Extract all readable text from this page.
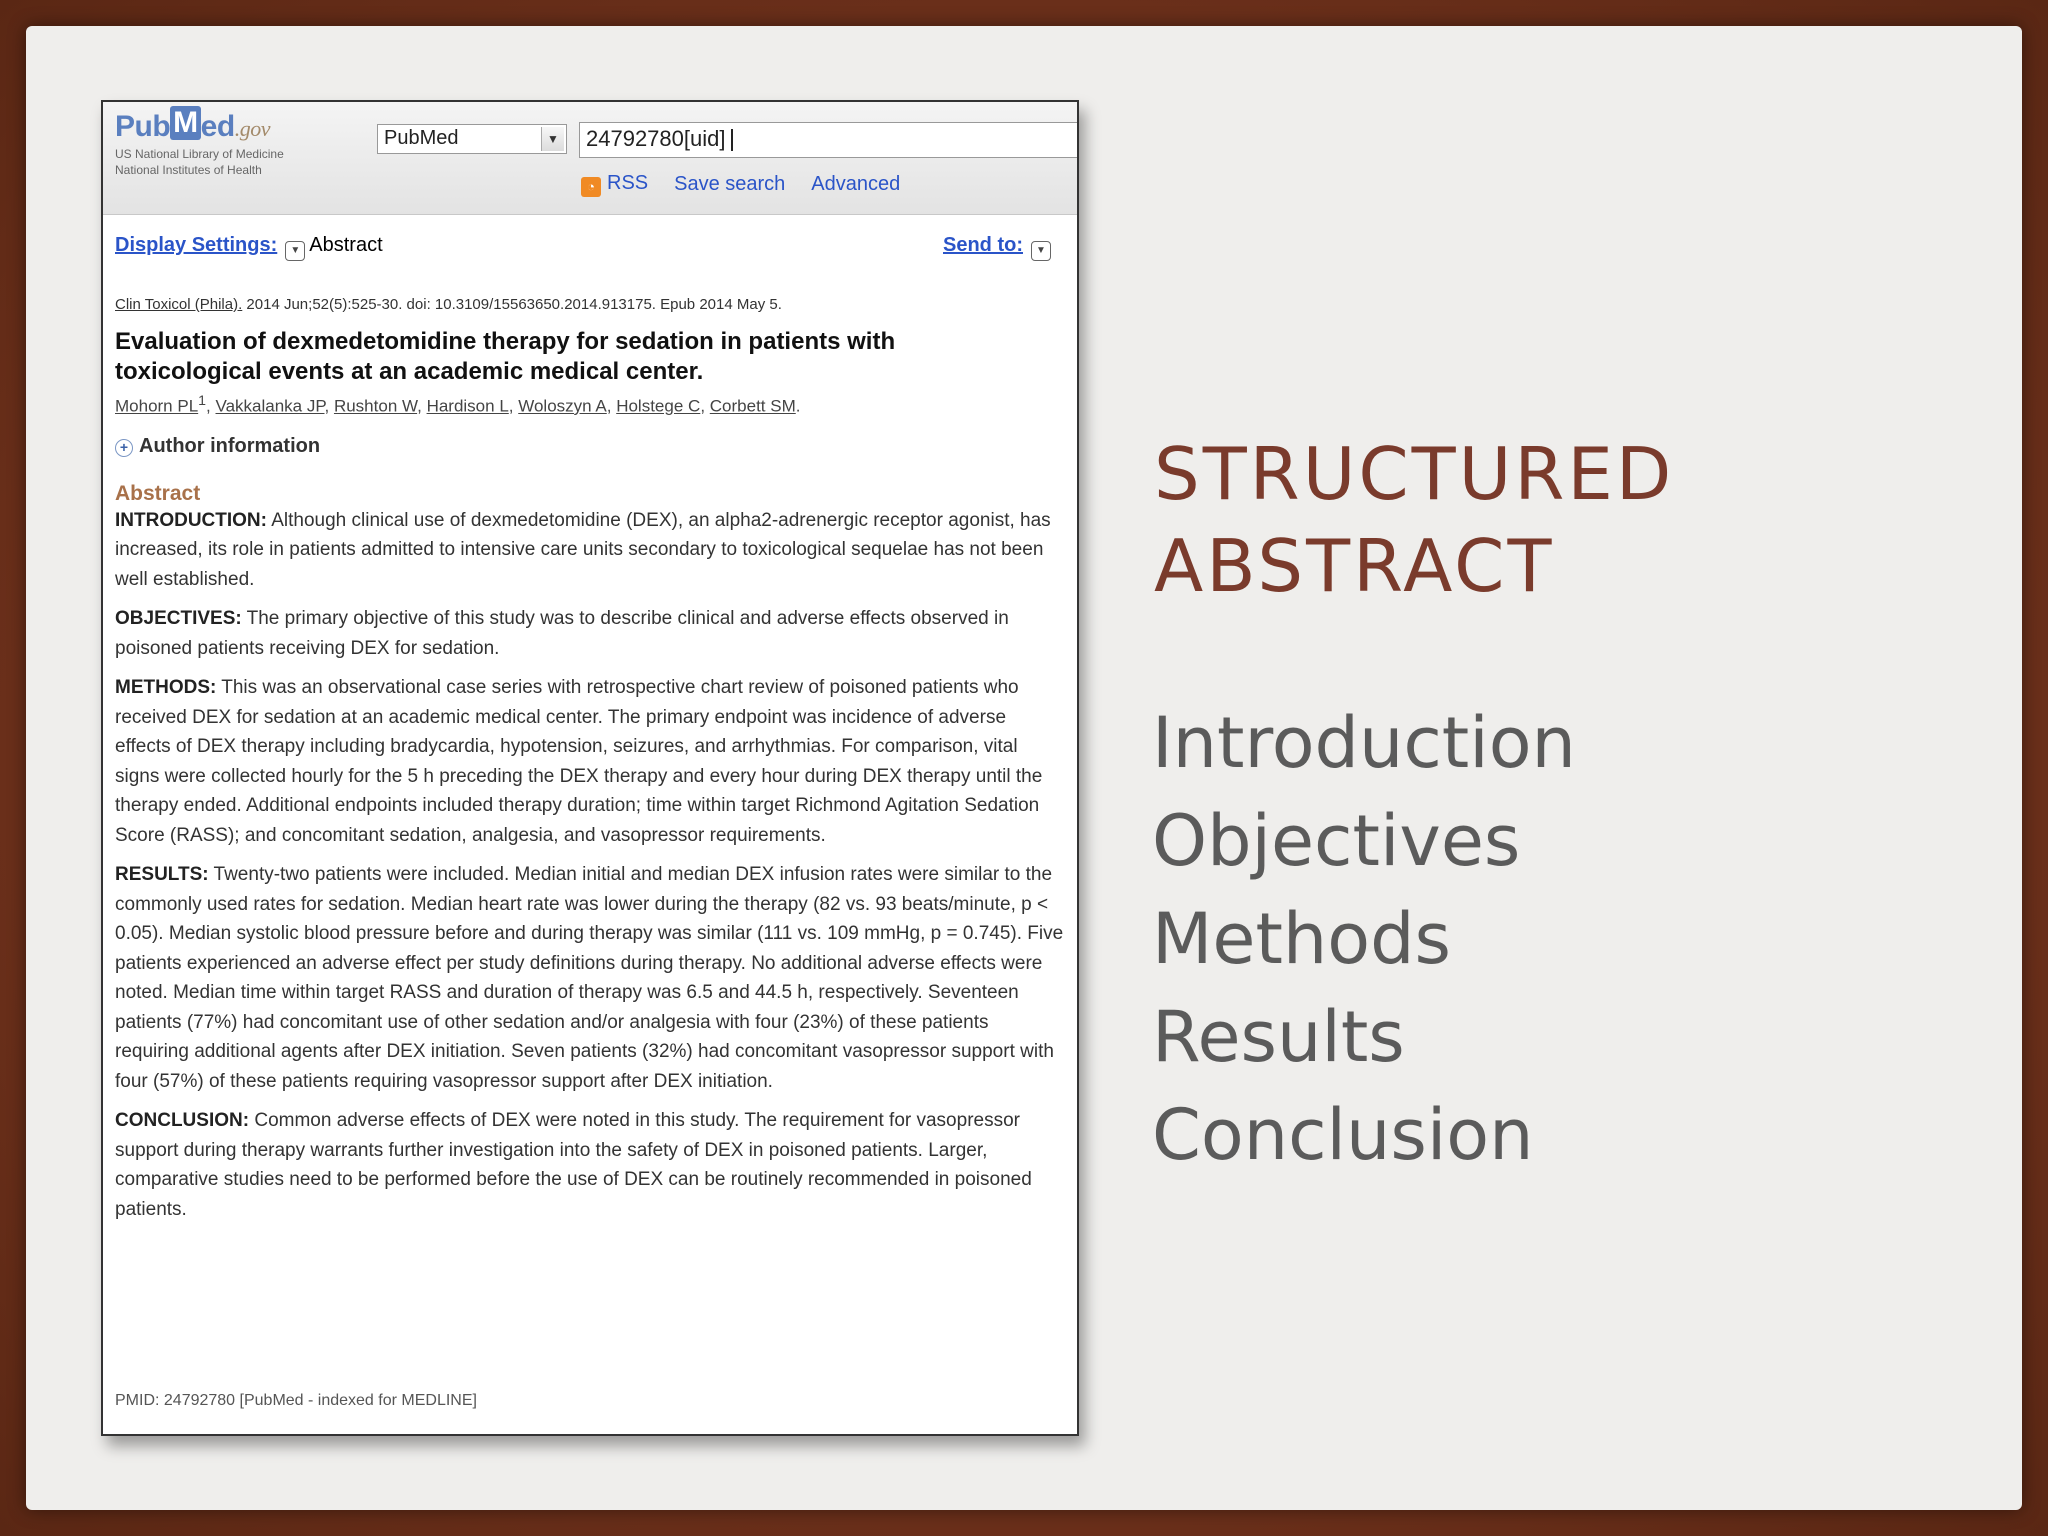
Pub M ed.gov
US National Library of Medicine
National Institutes of Health
PubMed	▼	24792780[uid]
◔ RSS Save search Advanced
Display Settings: ▼ Abstract	Send to: ▼
Clin Toxicol (Phila). 2014 Jun;52(5):525-30. doi: 10.3109/15563650.2014.913175. Epub 2014 May 5.
Evaluation of dexmedetomidine therapy for sedation in patients with toxicological events at an academic medical center.
Mohorn $PL^1$, Vakkalanka JP, Rushton W, Hardison L, Woloszyn A, Holstege C, Corbett SM.
+ Author information
Abstract

INTRODUCTION: Although clinical use of dexmedetomidine (DEX), an alpha2-adrenergic receptor agonist, has increased, its role in patients admitted to intensive care units secondary to toxicological sequelae has not been well established.

OBJECTIVES: The primary objective of this study was to describe clinical and adverse effects observed in poisoned patients receiving DEX for sedation.

METHODS: This was an observational case series with retrospective chart review of poisoned patients who received DEX for sedation at an academic medical center. The primary endpoint was incidence of adverse effects of DEX therapy including bradycardia, hypotension, seizures, and arrhythmias. For comparison, vital signs were collected hourly for the 5 h preceding the DEX therapy and every hour during DEX therapy until the therapy ended. Additional endpoints included therapy duration; time within target Richmond Agitation Sedation Score (RASS); and concomitant sedation, analgesia, and vasopressor requirements.

RESULTS: Twenty-two patients were included. Median initial and median DEX infusion rates were similar to the commonly used rates for sedation. Median heart rate was lower during the therapy (82 vs. 93 beats/minute, p < 0.05). Median systolic blood pressure before and during therapy was similar (111 vs. 109 mmHg, p = 0.745). Five patients experienced an adverse effect per study definitions during therapy. No additional adverse effects were noted. Median time within target RASS and duration of therapy was 6.5 and 44.5 h, respectively. Seventeen patients (77%) had concomitant use of other sedation and/or analgesia with four (23%) of these patients requiring additional agents after DEX initiation. Seven patients (32%) had concomitant vasopressor support with four (57%) of these patients requiring vasopressor support after DEX initiation.

CONCLUSION: Common adverse effects of DEX were noted in this study. The requirement for vasopressor support during therapy warrants further investigation into the safety of DEX in poisoned patients. Larger, comparative studies need to be performed before the use of DEX can be routinely recommended in poisoned patients.

PMID: 24792780 [PubMed - indexed for MEDLINE]
STRUCTURED
ABSTRACT
Introduction
Objectives
Methods
Results
Conclusion
